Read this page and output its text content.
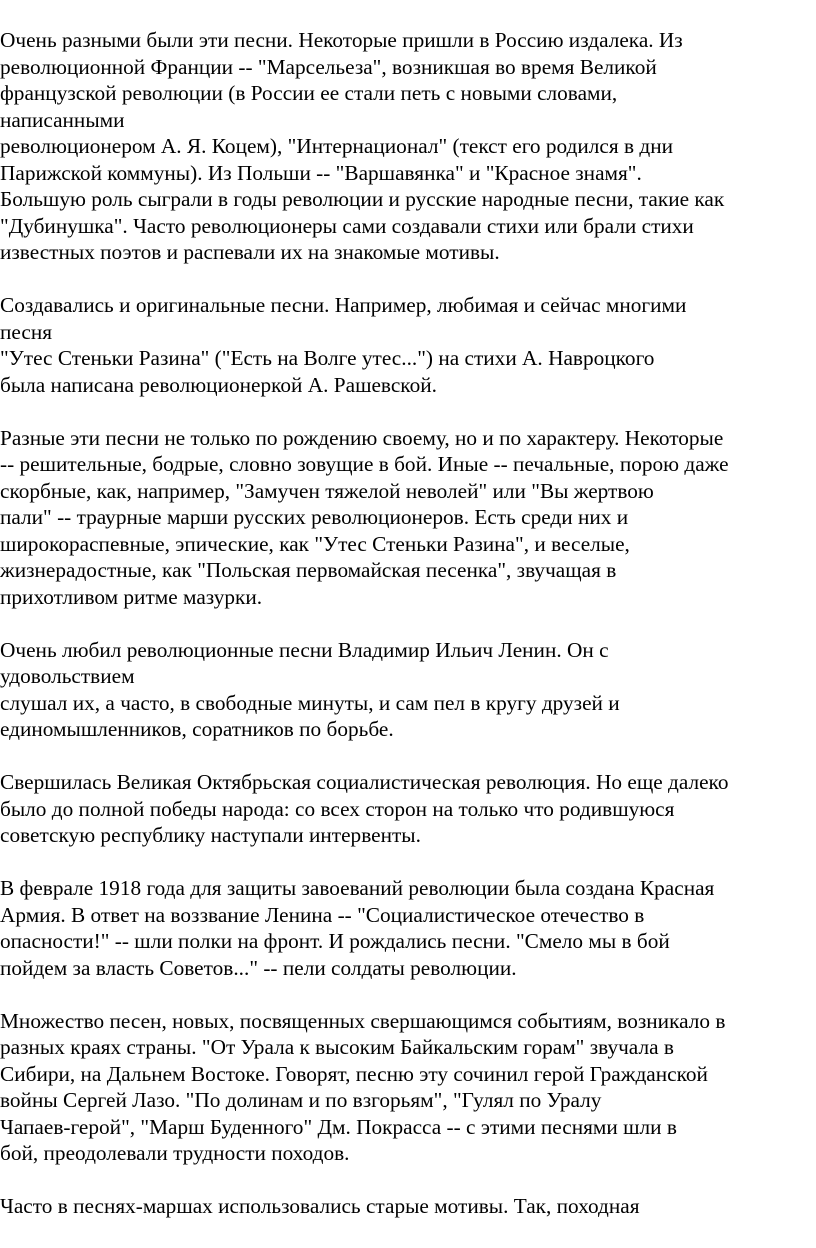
Очень разными были эти песни. Некоторые пришли в Россию издалека. Из
революционной Франции -- "Марсельеза", возникшая во время Великой
французской революции (в России ее стали петь с новыми словами,
написанными
революционером А. Я. Коцем), "Интернационал" (текст его родился в дни
Парижской коммуны). Из Польши -- "Варшавянка" и "Красное знамя".
Большую роль сыграли в годы революции и русские народные песни, такие как
"Дубинушка". Часто революционеры сами создавали стихи или брали стихи
известных поэтов и распевали их на знакомые мотивы.

Создавались и оригинальные песни. Например, любимая и сейчас многими
песня
"Утес Стеньки Разина" ("Есть на Волге утес...") на стихи А. Навроцкого
была написана революционеркой А. Рашевской.

Разные эти песни не только по рождению своему, но и по характеру. Некоторые
-- решительные, бодрые, словно зовущие в бой. Иные -- печальные, порою даже
скорбные, как, например, "Замучен тяжелой неволей" или "Вы жертвою
пали" -- траурные марши русских революционеров. Есть среди них и
широкораспевные, эпические, как "Утес Стеньки Разина", и веселые,
жизнерадостные, как "Польская первомайская песенка", звучащая в
прихотливом ритме мазурки.

Очень любил революционные песни Владимир Ильич Ленин. Он с
удовольствием
слушал их, а часто, в свободные минуты, и сам пел в кругу друзей и
единомышленников, соратников по борьбе.

Свершилась Великая Октябрьская социалистическая революция. Но еще далеко
было до полной победы народа: со всех сторон на только что родившуюся
советскую республику наступали интервенты.

В феврале 1918 года для защиты завоеваний революции была создана Красная
Армия. В ответ на воззвание Ленина -- "Социалистическое отечество в
опасности!" -- шли полки на фронт. И рождались песни. "Смело мы в бой
пойдем за власть Советов..." -- пели солдаты революции.

Множество песен, новых, посвященных свершающимся событиям, возникало в
разных краях страны. "От Урала к высоким Байкальским горам" звучала в
Сибири, на Дальнем Востоке. Говорят, песню эту сочинил герой Гражданской
войны Сергей Лазо. "По долинам и по взгорьям", "Гулял по Уралу
Чапаев-герой", "Марш Буденного" Дм. Покрасса -- с этими песнями шли в
бой, преодолевали трудности походов.

Часто в песнях-маршах использовались старые мотивы. Так, походная
